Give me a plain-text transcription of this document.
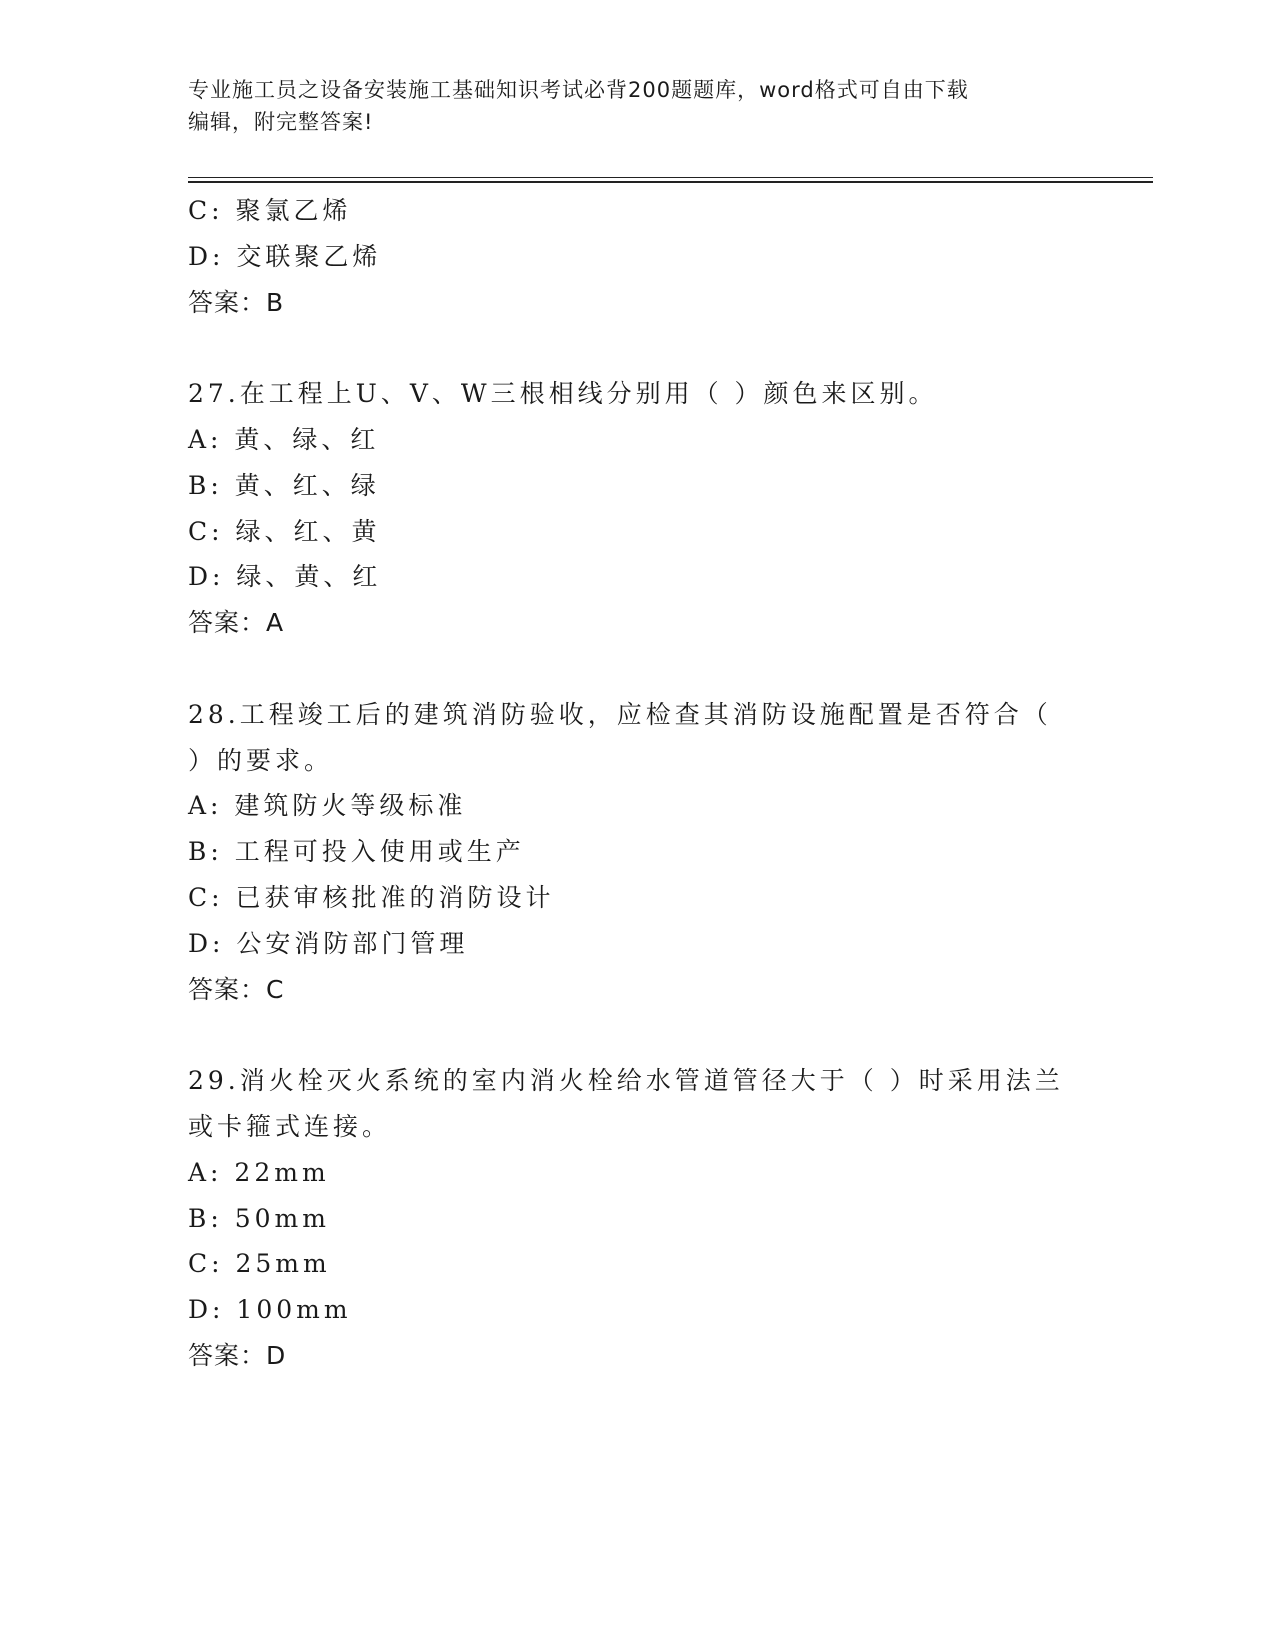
专业施工员之设备安装施工基础知识考试必背200题题库，word格式可自由下载
编辑，附完整答案!
C: 聚氯乙烯
D: 交联聚乙烯
答案：B
27.在工程上U、V、W三根相线分别用（ ）颜色来区别。
A: 黄、绿、红
B: 黄、红、绿
C: 绿、红、黄
D: 绿、黄、红
答案：A
28.工程竣工后的建筑消防验收，应检查其消防设施配置是否符合（
）的要求。
A: 建筑防火等级标准
B: 工程可投入使用或生产
C: 已获审核批准的消防设计
D: 公安消防部门管理
答案：C
29.消火栓灭火系统的室内消火栓给水管道管径大于（ ）时采用法兰
或卡箍式连接。
A: 22mm
B: 50mm
C: 25mm
D: 100mm
答案：D
